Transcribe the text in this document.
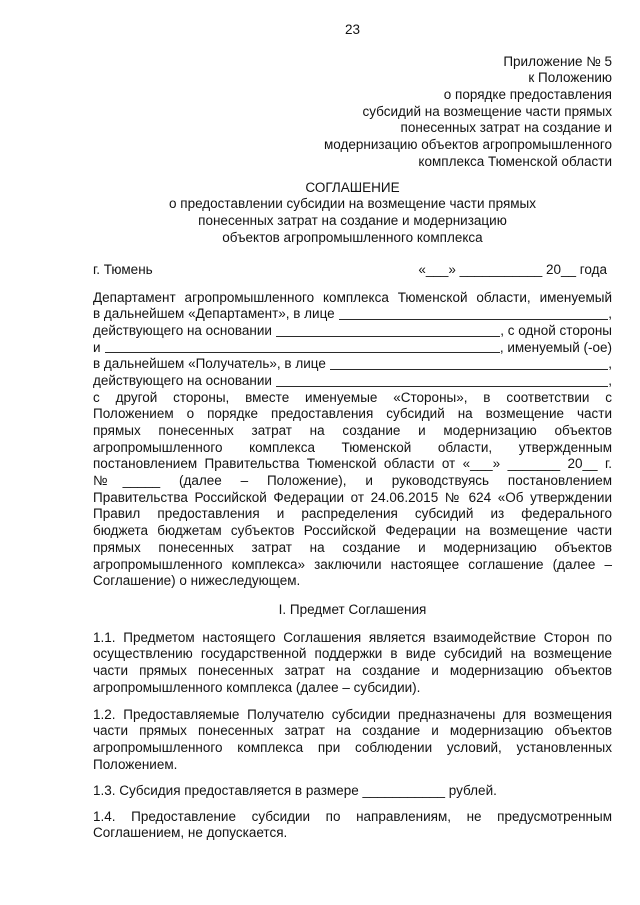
23
Приложение № 5
к Положению
о порядке предоставления
субсидий на возмещение части прямых
понесенных затрат на создание и
модернизацию объектов агропромышленного
комплекса Тюменской области
СОГЛАШЕНИЕ
о предоставлении субсидии на возмещение части прямых
понесенных затрат на создание и модернизацию
объектов агропромышленного комплекса
г. Тюмень	«___» ___________ 20__ года
Департамент агропромышленного комплекса Тюменской области, именуемый
в дальнейшем «Департамент», в лице	,
действующего на основании	, с одной стороны
и	, именуемый (-ое)
в дальнейшем «Получатель», в лице	,
действующего на основании	,
с другой стороны, вместе именуемые «Стороны», в соответствии с
Положением о порядке предоставления субсидий на возмещение части
прямых понесенных затрат на создание и модернизацию объектов
агропромышленного комплекса Тюменской области, утвержденным
постановлением Правительства Тюменской области от «___» _______ 20__ г.
№_____ (далее – Положение), и руководствуясь постановлением
Правительства Российской Федерации от 24.06.2015 № 624 «Об утверждении
Правил предоставления и распределения субсидий из федерального
бюджета бюджетам субъектов Российской Федерации на возмещение части
прямых понесенных затрат на создание и модернизацию объектов
агропромышленного комплекса» заключили настоящее соглашение (далее –
Соглашение) о нижеследующем.
I. Предмет Соглашения
1.1. Предметом настоящего Соглашения является взаимодействие Сторон по
осуществлению государственной поддержки в виде субсидий на возмещение
части прямых понесенных затрат на создание и модернизацию объектов
агропромышленного комплекса (далее – субсидии).
1.2. Предоставляемые Получателю субсидии предназначены для возмещения
части прямых понесенных затрат на создание и модернизацию объектов
агропромышленного комплекса при соблюдении условий, установленных
Положением.
1.3. Субсидия предоставляется в размере ___________ рублей.
1.4. Предоставление субсидии по направлениям, не предусмотренным
Соглашением, не допускается.
